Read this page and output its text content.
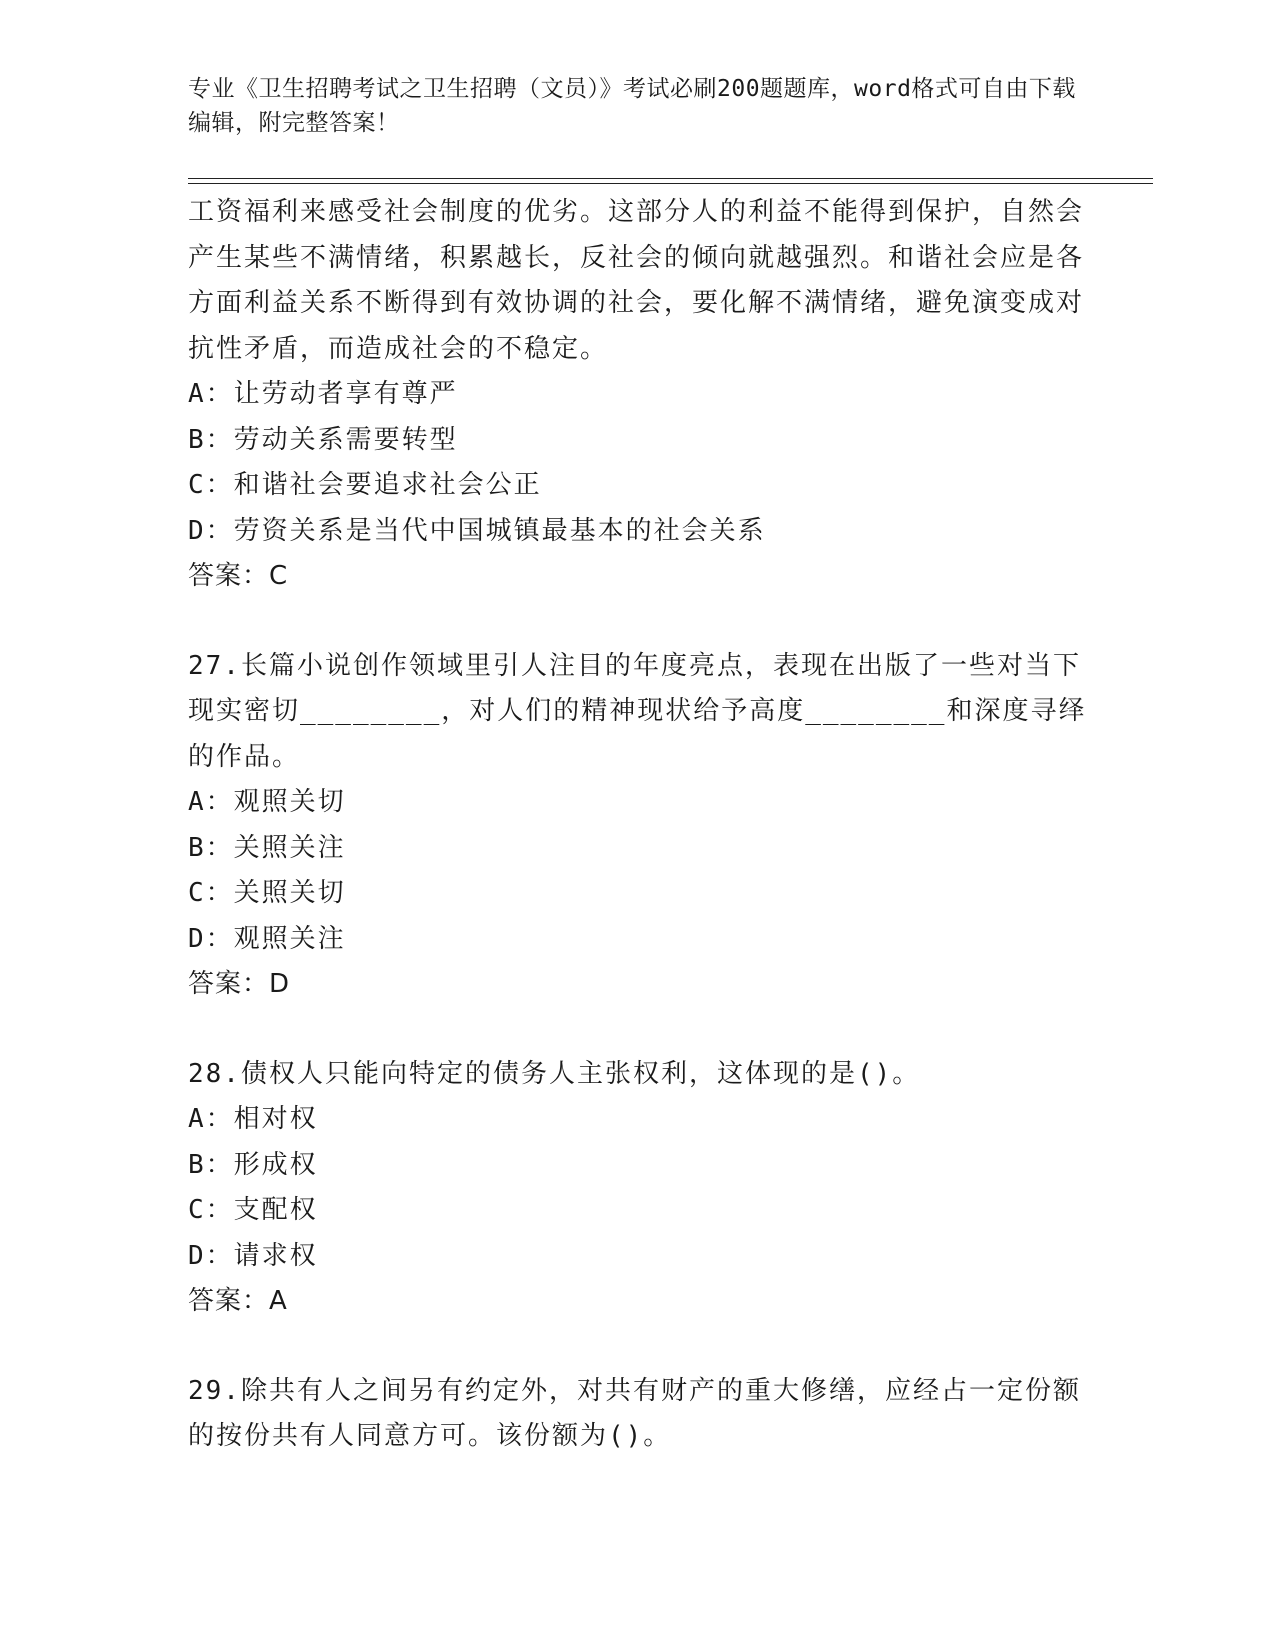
专业《卫生招聘考试之卫生招聘（文员）》考试必刷200题题库，word格式可自由下载编辑，附完整答案！

工资福利来感受社会制度的优劣。这部分人的利益不能得到保护，自然会产生某些不满情绪，积累越长，反社会的倾向就越强烈。和谐社会应是各方面利益关系不断得到有效协调的社会，要化解不满情绪，避免演变成对抗性矛盾，而造成社会的不稳定。

A：让劳动者享有尊严

B：劳动关系需要转型

C：和谐社会要追求社会公正

D：劳资关系是当代中国城镇最基本的社会关系

答案：C

27.长篇小说创作领域里引人注目的年度亮点，表现在出版了一些对当下现实密切________，对人们的精神现状给予高度________和深度寻绎的作品。

A：观照关切

B：关照关注

C：关照关切

D：观照关注

答案：D

28.债权人只能向特定的债务人主张权利，这体现的是()。

A：相对权

B：形成权

C：支配权

D：请求权

答案：A

29.除共有人之间另有约定外，对共有财产的重大修缮，应经占一定份额的按份共有人同意方可。该份额为()。
